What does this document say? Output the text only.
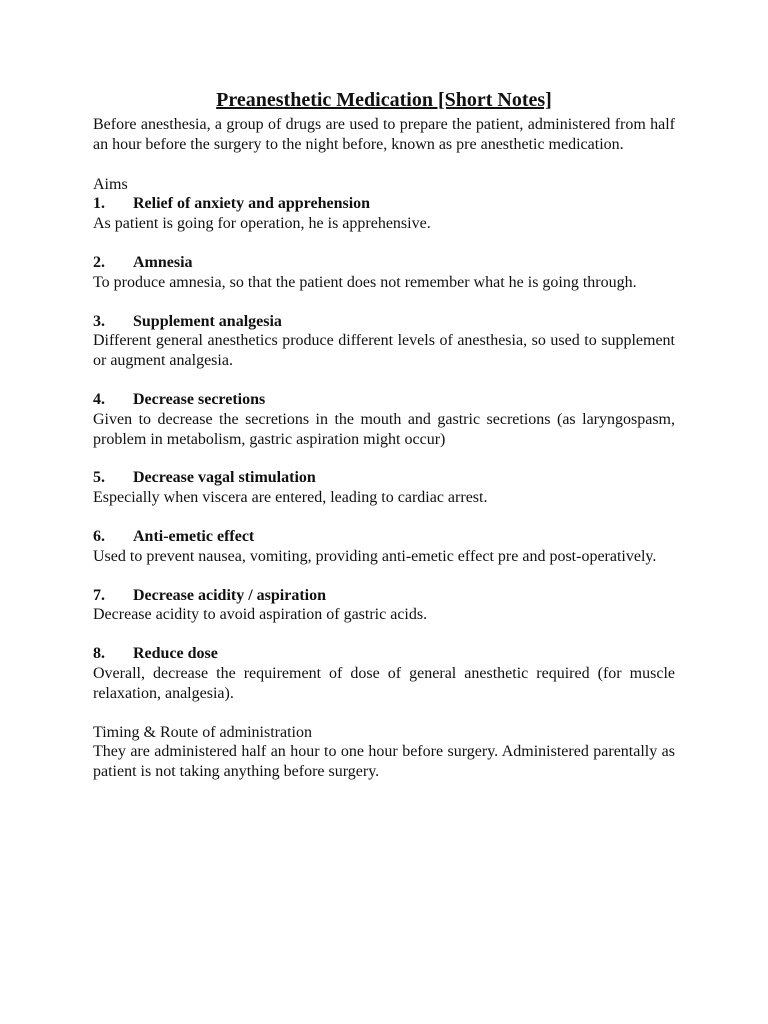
Preanesthetic Medication [Short Notes]

Before anesthesia, a group of drugs are used to prepare the patient, administered from half an hour before the surgery to the night before, known as pre anesthetic medication.

Aims

1.	Relief of anxiety and apprehension

As patient is going for operation, he is apprehensive.

2.	Amnesia

To produce amnesia, so that the patient does not remember what he is going through.

3.	Supplement analgesia

Different general anesthetics produce different levels of anesthesia, so used to supplement or augment analgesia.

4.	Decrease secretions

Given to decrease the secretions in the mouth and gastric secretions (as laryngospasm, problem in metabolism, gastric aspiration might occur)

5.	Decrease vagal stimulation

Especially when viscera are entered, leading to cardiac arrest.

6.	Anti-emetic effect

Used to prevent nausea, vomiting, providing anti-emetic effect pre and post-operatively.

7.	Decrease acidity / aspiration

Decrease acidity to avoid aspiration of gastric acids.

8.	Reduce dose

Overall, decrease the requirement of dose of general anesthetic required (for muscle relaxation, analgesia).

Timing & Route of administration

They are administered half an hour to one hour before surgery. Administered parentally as patient is not taking anything before surgery.
